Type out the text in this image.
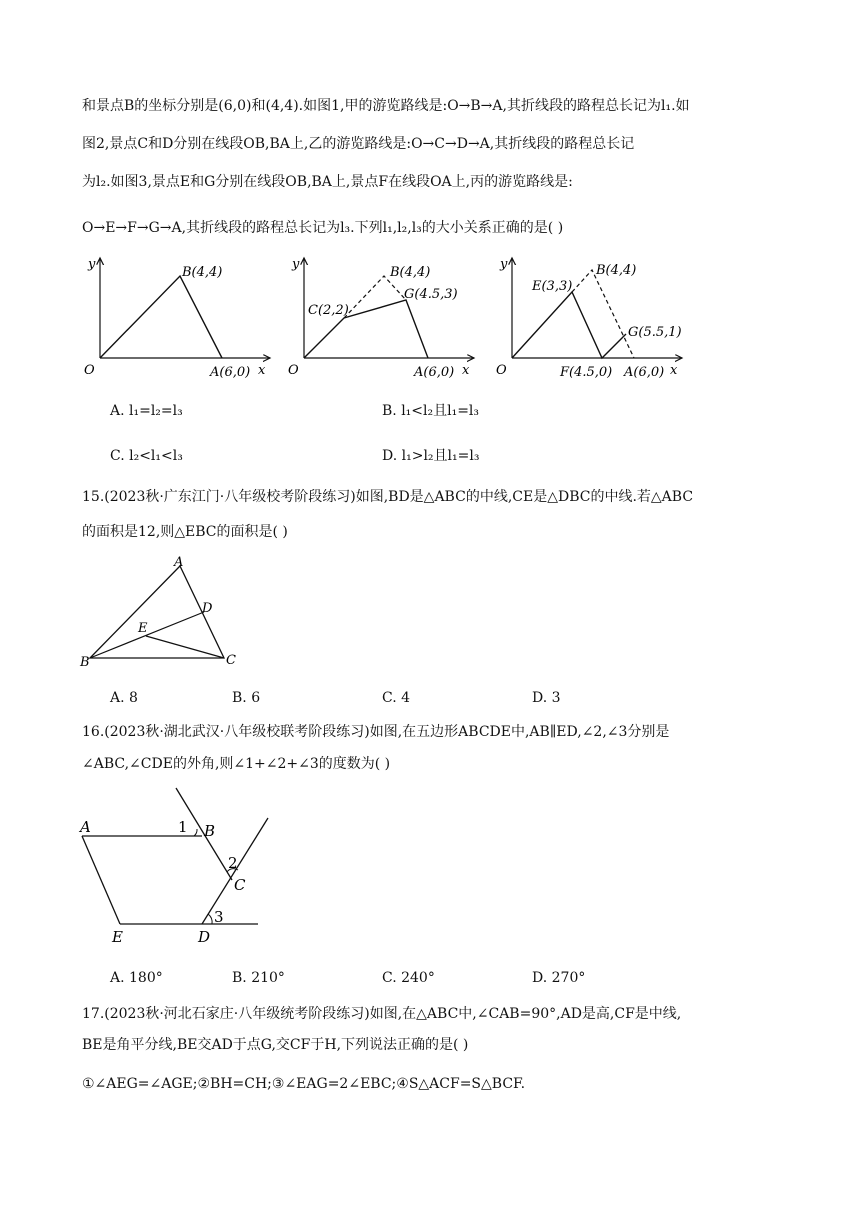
和景点B的坐标分别是(6,0)和(4,4).如图1,甲的游览路线是:O→B→A,其折线段的路程总长记为l₁.如
图2,景点C和D分别在线段OB,BA上,乙的游览路线是:O→C→D→A,其折线段的路程总长记
为l₂.如图3,景点E和G分别在线段OB,BA上,景点F在线段OA上,丙的游览路线是:
O→E→F→G→A,其折线段的路程总长记为l₃.下列l₁,l₂,l₃的大小关系正确的是( )
y
x
O
B(4,4)
A(6,0)
y
x
O
C(2,2)
B(4,4)
G(4.5,3)
A(6,0)
y
x
O
E(3,3)
B(4,4)
G(5.5,1)
F(4.5,0) A(6,0)
A. l₁=l₂=l₃	B. l₁<l₂且l₁=l₃
C. l₂<l₁<l₃	D. l₁>l₂且l₁=l₃
15.(2023秋·广东江门·八年级校考阶段练习)如图,BD是△ABC的中线,CE是△DBC的中线.若△ABC
的面积是12,则△EBC的面积是( )
A
B	C
D
E
A. 8	B. 6	C. 4	D. 3
16.(2023秋·湖北武汉·八年级校联考阶段练习)如图,在五边形ABCDE中,AB∥ED,∠2,∠3分别是
∠ABC,∠CDE的外角,则∠1+∠2+∠3的度数为( )
A	B
C
D
E
1
2
3
A. 180°	B. 210°	C. 240°	D. 270°
17.(2023秋·河北石家庄·八年级统考阶段练习)如图,在△ABC中,∠CAB=90°,AD是高,CF是中线,
BE是角平分线,BE交AD于点G,交CF于H,下列说法正确的是( )
①∠AEG=∠AGE;②BH=CH;③∠EAG=2∠EBC;④S△ACF=S△BCF.
